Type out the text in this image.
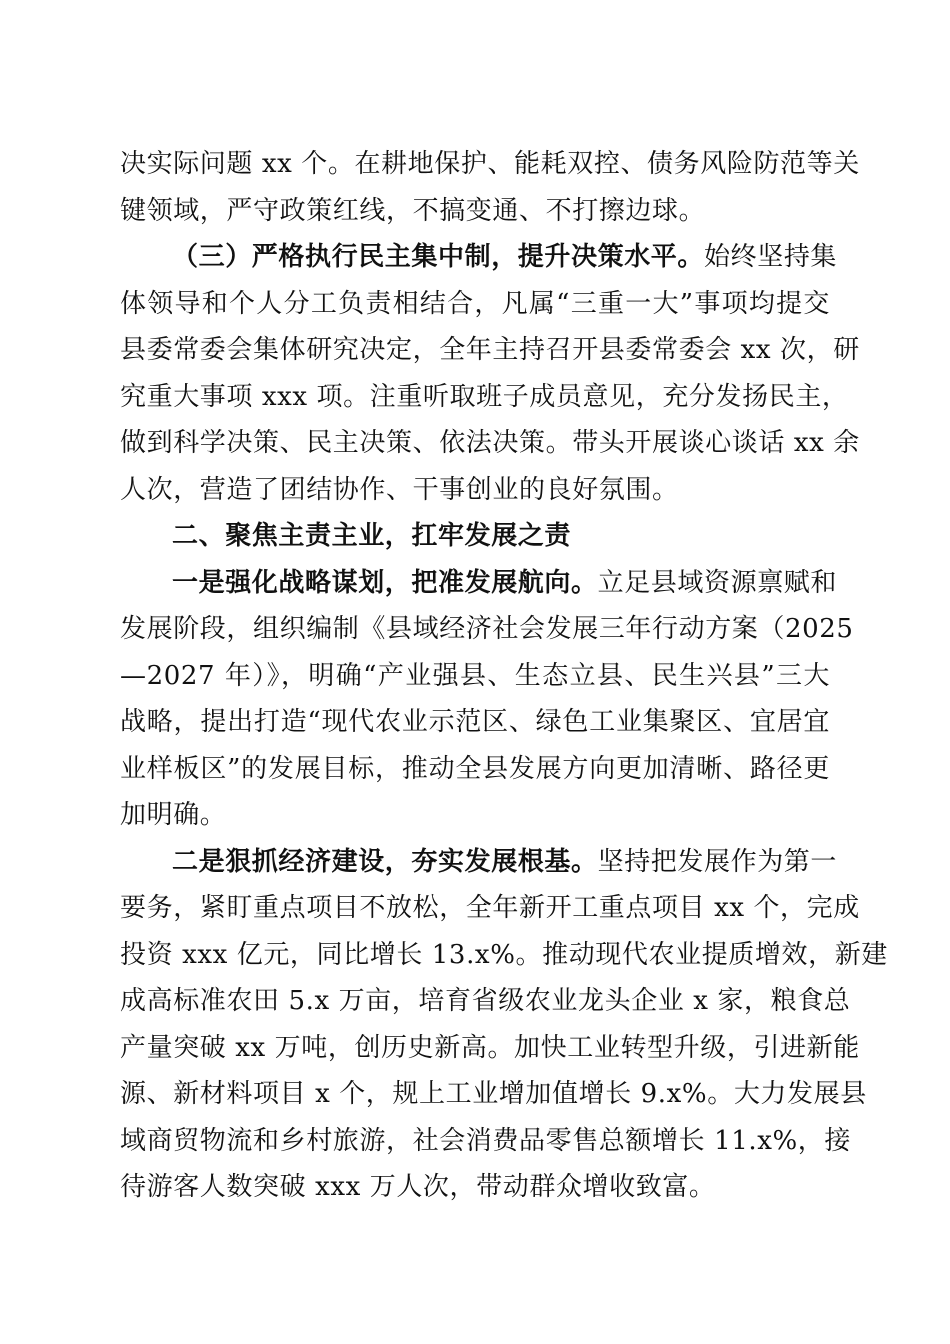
决实际问题 xx 个。在耕地保护、能耗双控、债务风险防范等关
键领域，严守政策红线，不搞变通、不打擦边球。
（三）严格执行民主集中制，提升决策水平。始终坚持集
体领导和个人分工负责相结合，凡属“三重一大”事项均提交
县委常委会集体研究决定，全年主持召开县委常委会 xx 次，研
究重大事项 xxx 项。注重听取班子成员意见，充分发扬民主，
做到科学决策、民主决策、依法决策。带头开展谈心谈话 xx 余
人次，营造了团结协作、干事创业的良好氛围。
二、聚焦主责主业，扛牢发展之责
一是强化战略谋划，把准发展航向。立足县域资源禀赋和
发展阶段，组织编制《县域经济社会发展三年行动方案（2025
—2027 年）》，明确“产业强县、生态立县、民生兴县”三大
战略，提出打造“现代农业示范区、绿色工业集聚区、宜居宜
业样板区”的发展目标，推动全县发展方向更加清晰、路径更
加明确。
二是狠抓经济建设，夯实发展根基。坚持把发展作为第一
要务，紧盯重点项目不放松，全年新开工重点项目 xx 个，完成
投资 xxx 亿元，同比增长 13.x%。推动现代农业提质增效，新建
成高标准农田 5.x 万亩，培育省级农业龙头企业 x 家，粮食总
产量突破 xx 万吨，创历史新高。加快工业转型升级，引进新能
源、新材料项目 x 个，规上工业增加值增长 9.x%。大力发展县
域商贸物流和乡村旅游，社会消费品零售总额增长 11.x%，接
待游客人数突破 xxx 万人次，带动群众增收致富。
